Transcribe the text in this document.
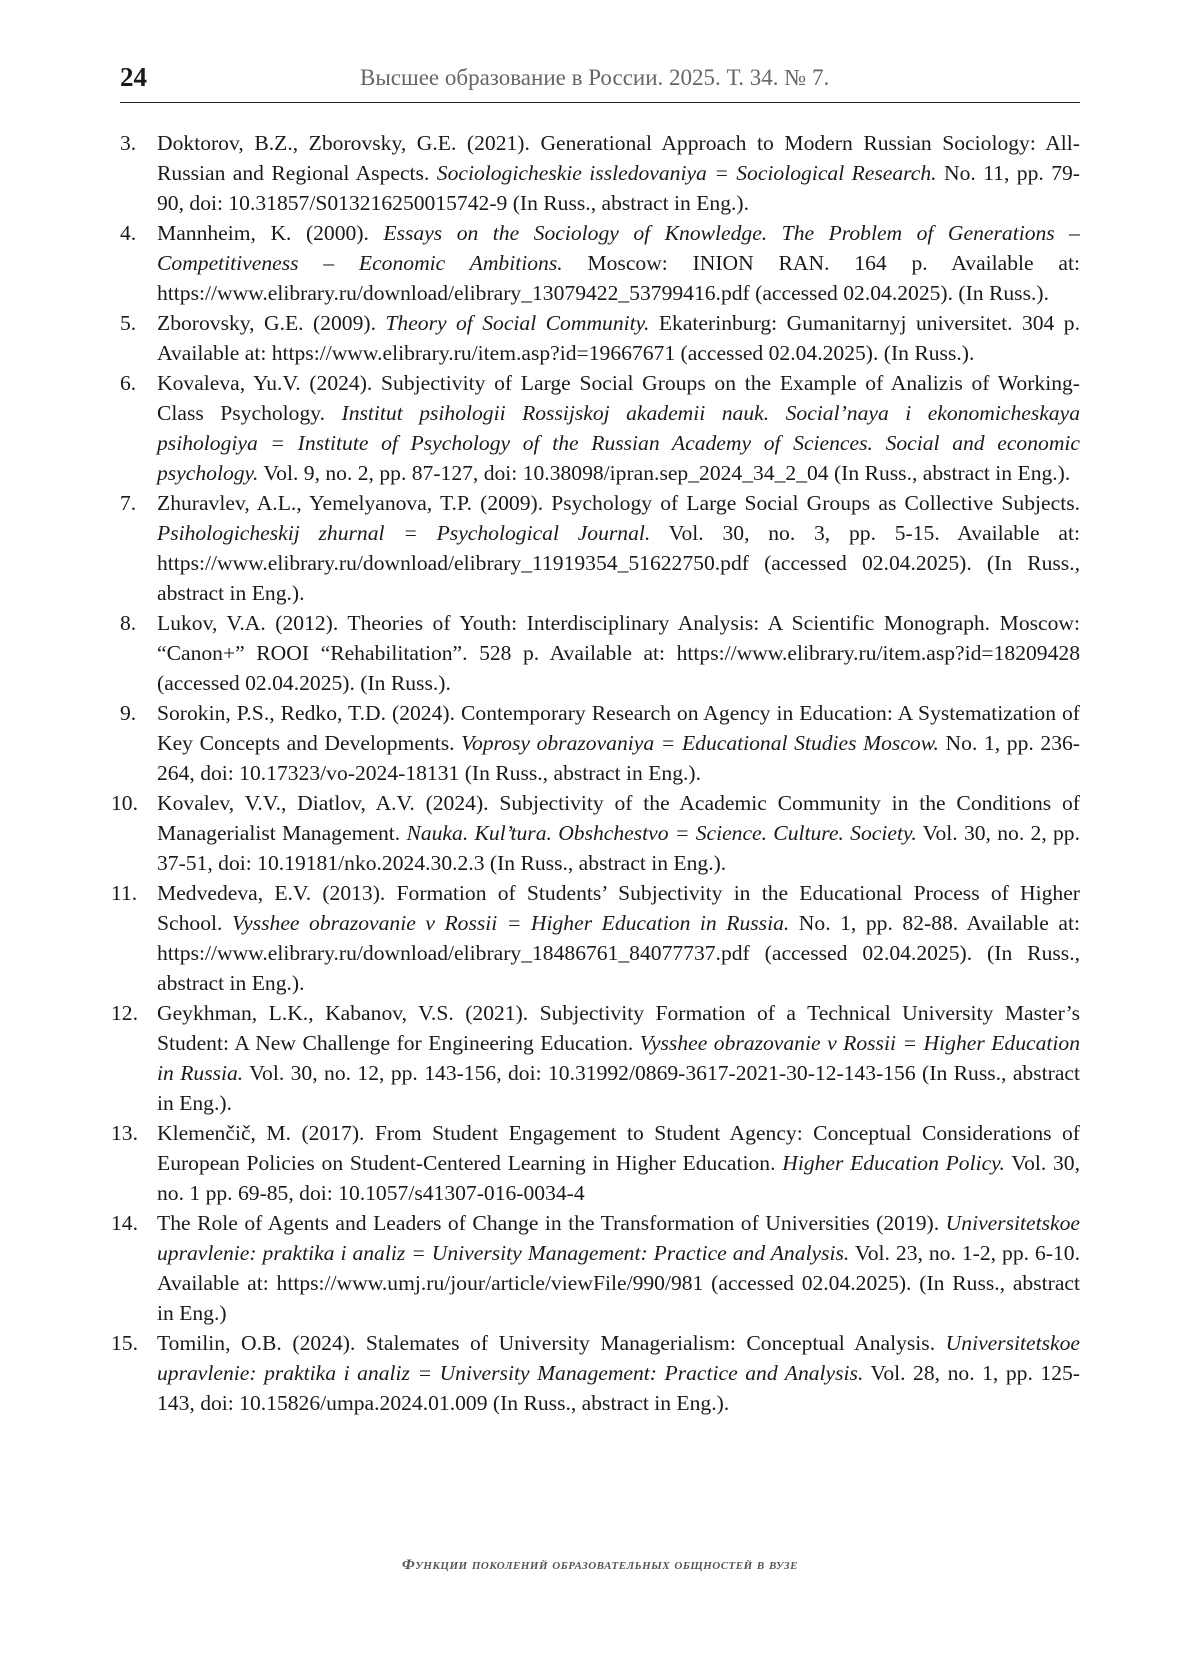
24	Высшее образование в России. 2025. Т. 34. № 7.
3. Doktorov, B.Z., Zborovsky, G.E. (2021). Generational Approach to Modern Russian Sociology: All-Russian and Regional Aspects. Sociologicheskie issledovaniya = Sociological Research. No. 11, pp. 79-90, doi: 10.31857/S013216250015742-9 (In Russ., abstract in Eng.).
4. Mannheim, K. (2000). Essays on the Sociology of Knowledge. The Problem of Generations – Competitiveness – Economic Ambitions. Moscow: INION RAN. 164 p. Available at: https://www.elibrary.ru/download/elibrary_13079422_53799416.pdf (accessed 02.04.2025). (In Russ.).
5. Zborovsky, G.E. (2009). Theory of Social Community. Ekaterinburg: Gumanitarnyj universitet. 304 p. Available at: https://www.elibrary.ru/item.asp?id=19667671 (accessed 02.04.2025). (In Russ.).
6. Kovaleva, Yu.V. (2024). Subjectivity of Large Social Groups on the Example of Analizis of Working-Class Psychology. Institut psihologii Rossijskoj akademii nauk. Social’naya i ekonomicheskaya psihologiya = Institute of Psychology of the Russian Academy of Sciences. Social and economic psychology. Vol. 9, no. 2, pp. 87-127, doi: 10.38098/ipran.sep_2024_34_2_04 (In Russ., abstract in Eng.).
7. Zhuravlev, A.L., Yemelyanova, T.P. (2009). Psychology of Large Social Groups as Collective Subjects. Psihologicheskij zhurnal = Psychological Journal. Vol. 30, no. 3, pp. 5-15. Available at: https://www.elibrary.ru/download/elibrary_11919354_51622750.pdf (accessed 02.04.2025). (In Russ., abstract in Eng.).
8. Lukov, V.A. (2012). Theories of Youth: Interdisciplinary Analysis: A Scientific Monograph. Moscow: “Canon+” ROOI “Rehabilitation”. 528 p. Available at: https://www.elibrary.ru/item.asp?id=18209428 (accessed 02.04.2025). (In Russ.).
9. Sorokin, P.S., Redko, T.D. (2024). Contemporary Research on Agency in Education: A Systematization of Key Concepts and Developments. Voprosy obrazovaniya = Educational Studies Moscow. No. 1, pp. 236-264, doi: 10.17323/vo-2024-18131 (In Russ., abstract in Eng.).
10. Kovalev, V.V., Diatlov, A.V. (2024). Subjectivity of the Academic Community in the Conditions of Managerialist Management. Nauka. Kul’tura. Obshchestvo = Science. Culture. Society. Vol. 30, no. 2, pp. 37-51, doi: 10.19181/nko.2024.30.2.3 (In Russ., abstract in Eng.).
11. Medvedeva, E.V. (2013). Formation of Students’ Subjectivity in the Educational Process of Higher School. Vysshee obrazovanie v Rossii = Higher Education in Russia. No. 1, pp. 82-88. Available at: https://www.elibrary.ru/download/elibrary_18486761_84077737.pdf (accessed 02.04.2025). (In Russ., abstract in Eng.).
12. Geykhman, L.K., Kabanov, V.S. (2021). Subjectivity Formation of a Technical University Master’s Student: A New Challenge for Engineering Education. Vysshee obrazovanie v Rossii = Higher Education in Russia. Vol. 30, no. 12, pp. 143-156, doi: 10.31992/0869-3617-2021-30-12-143-156 (In Russ., abstract in Eng.).
13. Klemenčič, M. (2017). From Student Engagement to Student Agency: Conceptual Considerations of European Policies on Student-Centered Learning in Higher Education. Higher Education Policy. Vol. 30, no. 1 pp. 69-85, doi: 10.1057/s41307-016-0034-4
14. The Role of Agents and Leaders of Change in the Transformation of Universities (2019). Universitetskoe upravlenie: praktika i analiz = University Management: Practice and Analysis. Vol. 23, no. 1-2, pp. 6-10. Available at: https://www.umj.ru/jour/article/viewFile/990/981 (accessed 02.04.2025). (In Russ., abstract in Eng.)
15. Tomilin, O.B. (2024). Stalemates of University Managerialism: Conceptual Analysis. Universitetskoe upravlenie: praktika i analiz = University Management: Practice and Analysis. Vol. 28, no. 1, pp. 125-143, doi: 10.15826/umpa.2024.01.009 (In Russ., abstract in Eng.).
Функции поколений образовательных общностей в вузе
